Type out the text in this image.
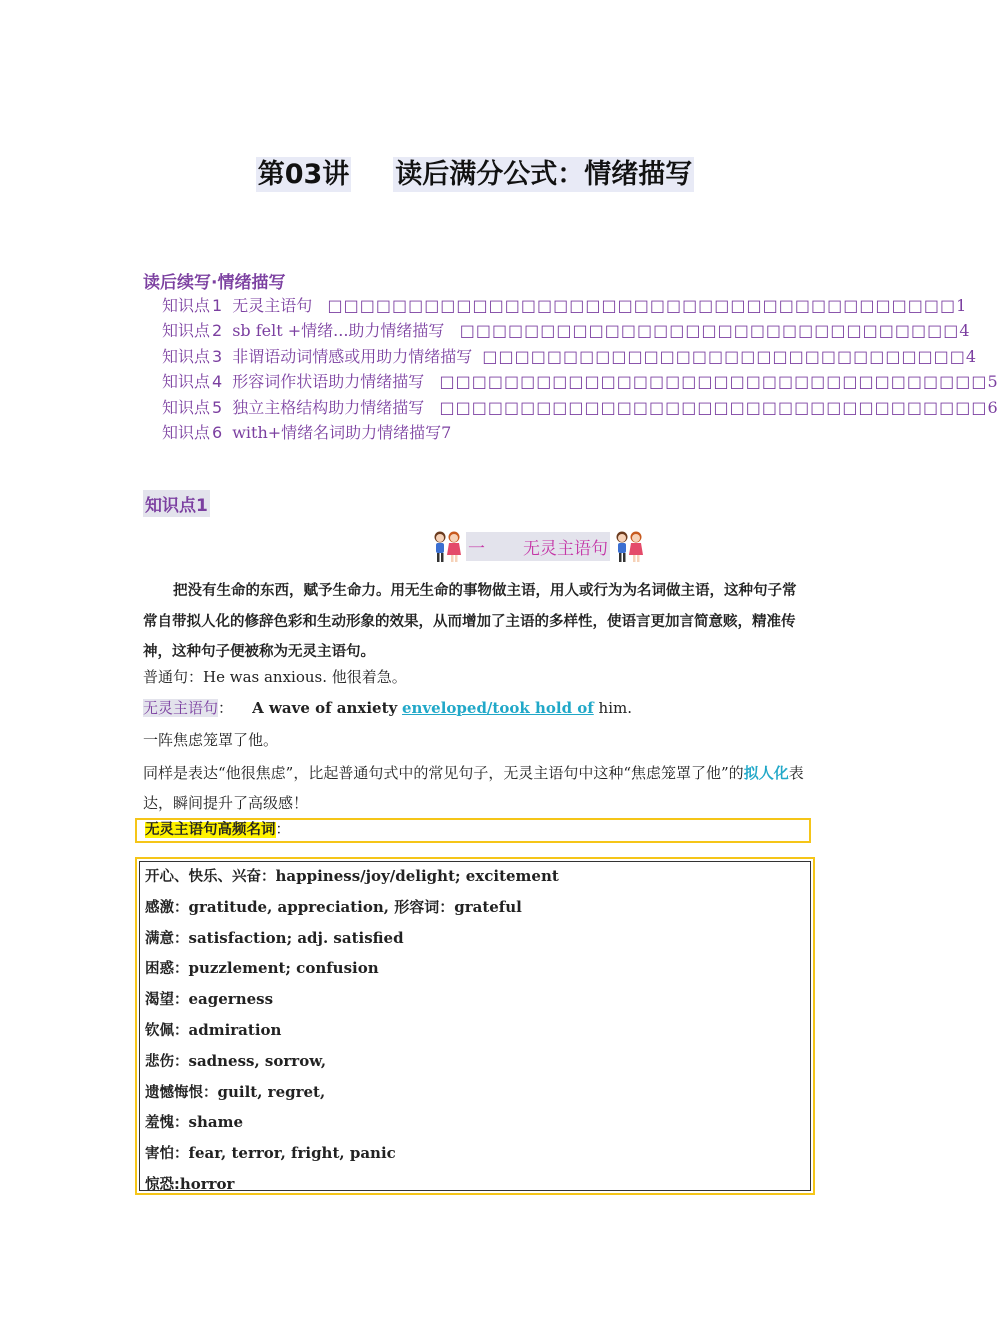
第03讲 读后满分公式：情绪描写
读后续写·情绪描写
知识点 1 无灵主语句 □□□□□□□□□□□□□□□□□□□□□□□□□□□□□□□□□□□□□□□1
知识点 2 sb felt +情绪...助力情绪描写 □□□□□□□□□□□□□□□□□□□□□□□□□□□□□□□4
知识点 3 非谓语动词情感或用助力情绪描写 □□□□□□□□□□□□□□□□□□□□□□□□□□□□□□4
知识点 4 形容词作状语助力情绪描写 □□□□□□□□□□□□□□□□□□□□□□□□□□□□□□□□□□5
知识点 5 独立主格结构助力情绪描写 □□□□□□□□□□□□□□□□□□□□□□□□□□□□□□□□□□6
知识点 6 with+情绪名词助力情绪描写7
知识点1
一 无灵主语句
把没有生命的东西，赋予生命力。用无生命的事物做主语，用人或行为为名词做主语，这种句子常常自带拟人化的修辞色彩和生动形象的效果，从而增加了主语的多样性，使语言更加言简意赅，精准传神，这种句子便被称为无灵主语句。
普通句：He was anxious. 他很着急。
无灵主语句： A wave of anxiety enveloped/took hold of him.
一阵焦虑笼罩了他。
同样是表达“他很焦虑”，比起普通句式中的常见句子，无灵主语句中这种“焦虑笼罩了他”的拟人化表达，瞬间提升了高级感！
无灵主语句高频名词：
开心、快乐、兴奋：happiness/joy/delight; excitement
感激：gratitude, appreciation, 形容词：grateful
满意：satisfaction; adj. satisfied
困惑：puzzlement; confusion
渴望：eagerness
钦佩：admiration
悲伤：sadness, sorrow,
遗憾悔恨：guilt, regret,
羞愧：shame
害怕：fear, terror, fright, panic
惊恐:horror
